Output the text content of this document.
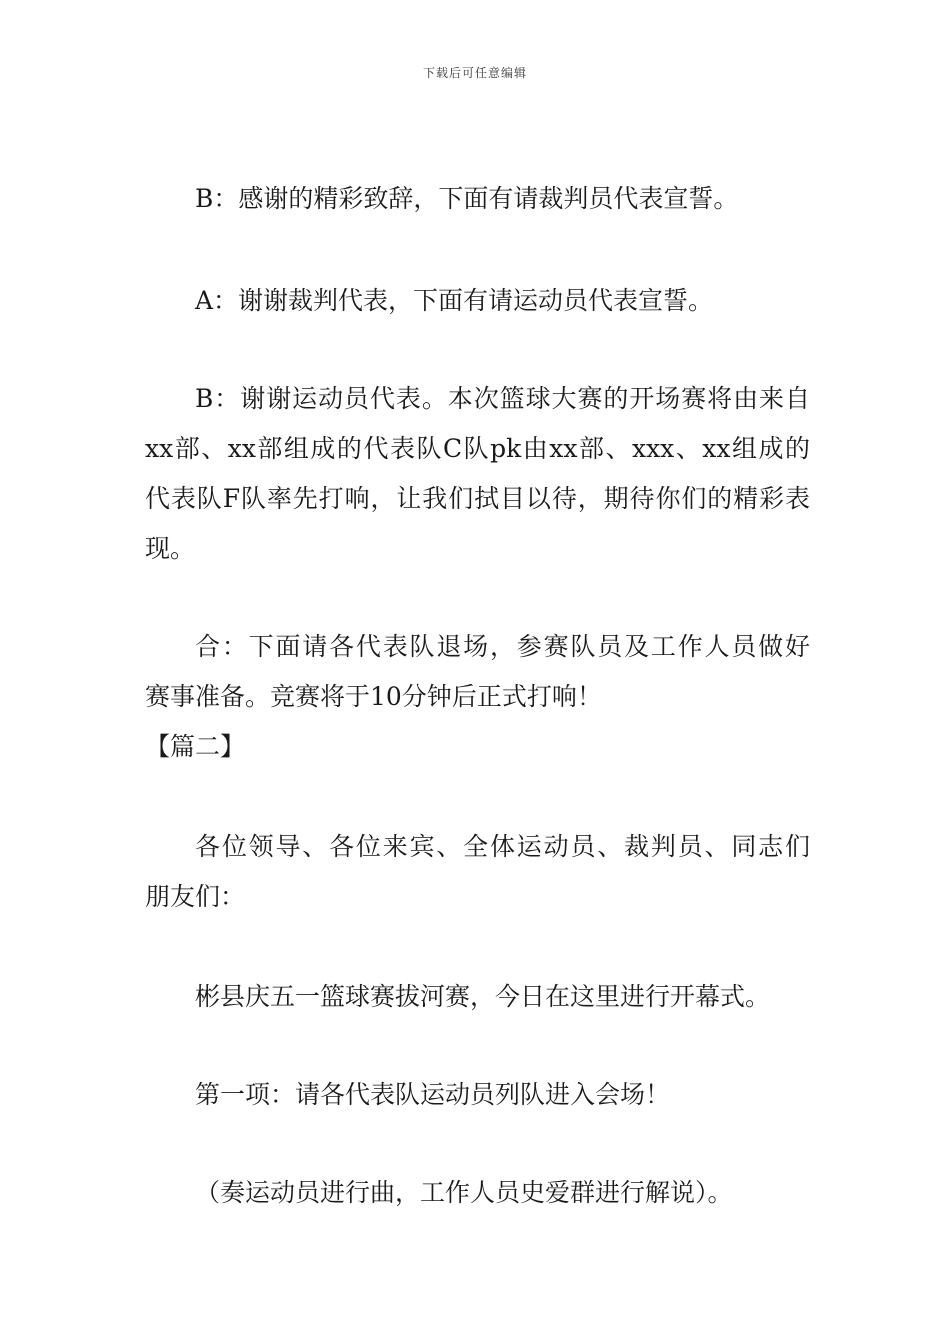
下载后可任意编辑
B：感谢的精彩致辞，下面有请裁判员代表宣誓。
A：谢谢裁判代表，下面有请运动员代表宣誓。
B：谢谢运动员代表。本次篮球大赛的开场赛将由来自
xx部、xx部组成的代表队C队pk由xx部、xxx、xx组成的
代表队F队率先打响，让我们拭目以待，期待你们的精彩表
现。
合：下面请各代表队退场，参赛队员及工作人员做好
赛事准备。竞赛将于10分钟后正式打响！
【篇二】
各位领导、各位来宾、全体运动员、裁判员、同志们
朋友们：
彬县庆五一篮球赛拔河赛，今日在这里进行开幕式。
第一项：请各代表队运动员列队进入会场！
（奏运动员进行曲，工作人员史爱群进行解说）。
